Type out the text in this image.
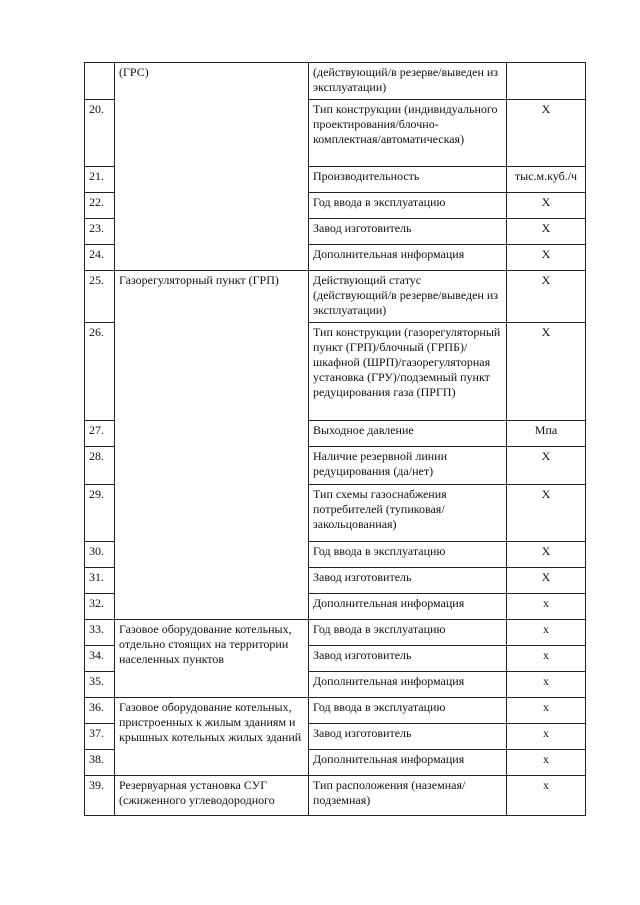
	(ГРС)	(действующий/в резерве/выведен из эксплуатации)	
20.		Тип конструкции (индивидуального проектирования/блочно-комплектная/автоматическая)	Х
21.		Производительность	тыс.м.куб./ч
22.		Год ввода в эксплуатацию	Х
23.		Завод изготовитель	Х
24.		Дополнительная информация	Х
25.	Газорегуляторный пункт (ГРП)	Действующий статус (действующий/в резерве/выведен из эксплуатации)	Х
26.		Тип конструкции (газорегуляторный пункт (ГРП)/блочный (ГРПБ)/шкафной (ШРП)/газорегуляторная установка (ГРУ)/подземный пункт редуцирования газа (ПРГП)	Х
27.		Выходное давление	Мпа
28.		Наличие резервной линии редуцирования (да/нет)	Х
29.		Тип схемы газоснабжения потребителей (тупиковая/закольцованная)	Х
30.		Год ввода в эксплуатацию	Х
31.		Завод изготовитель	Х
32.		Дополнительная информация	х
33.	Газовое оборудование котельных, отдельно стоящих на территории населенных пунктов	Год ввода в эксплуатацию	х
34.		Завод изготовитель	х
35.		Дополнительная информация	х
36.	Газовое оборудование котельных, пристроенных к жилым зданиям и крышных котельных жилых зданий	Год ввода в эксплуатацию	х
37.		Завод изготовитель	х
38.		Дополнительная информация	х
39.	Резервуарная установка СУГ (сжиженного углеводородного	Тип расположения (наземная/подземная)	х
